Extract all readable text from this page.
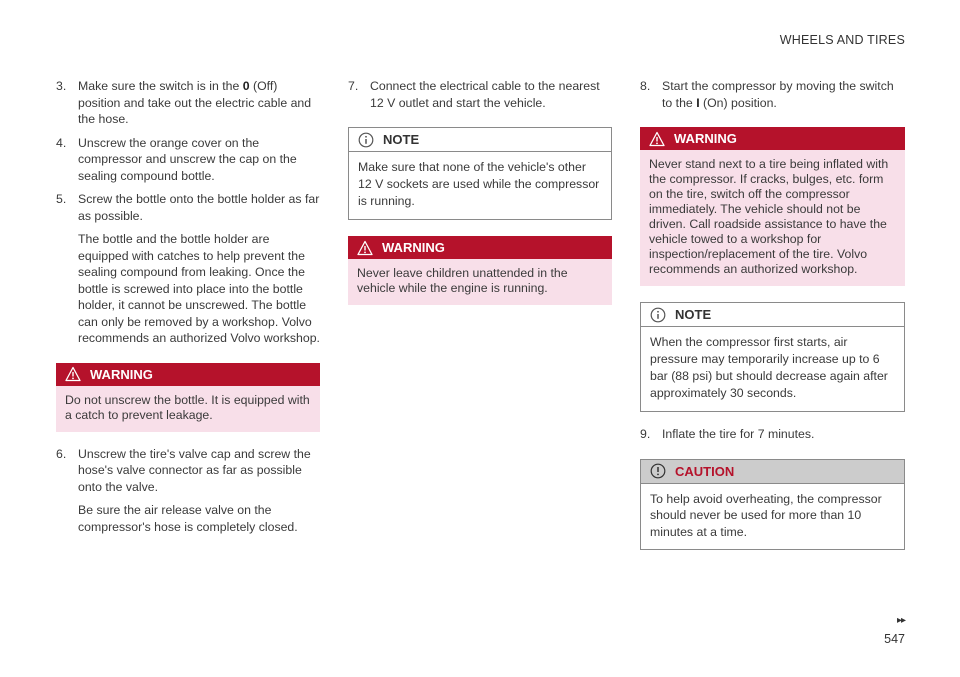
WHEELS AND TIRES
3. Make sure the switch is in the 0 (Off) position and take out the electric cable and the hose.

4. Unscrew the orange cover on the compressor and unscrew the cap on the sealing compound bottle.

5. Screw the bottle onto the bottle holder as far as possible.

The bottle and the bottle holder are equipped with catches to help prevent the sealing compound from leaking. Once the bottle is screwed into place into the bottle holder, it cannot be unscrewed. The bottle can only be removed by a workshop. Volvo recommends an authorized Volvo workshop.

WARNING
Do not unscrew the bottle. It is equipped with a catch to prevent leakage.
6. Unscrew the tire's valve cap and screw the hose's valve connector as far as possible onto the valve.

Be sure the air release valve on the compressor's hose is completely closed.

7. Connect the electrical cable to the nearest 12 V outlet and start the vehicle.

NOTE
Make sure that none of the vehicle's other 12 V sockets are used while the compressor is running.
WARNING
Never leave children unattended in the vehicle while the engine is running.
8. Start the compressor by moving the switch to the I (On) position.

WARNING
Never stand next to a tire being inflated with the compressor. If cracks, bulges, etc. form on the tire, switch off the compressor immediately. The vehicle should not be driven. Call roadside assistance to have the vehicle towed to a workshop for inspection/replacement of the tire. Volvo recommends an authorized workshop.
NOTE
When the compressor first starts, air pressure may temporarily increase up to 6 bar (88 psi) but should decrease again after approximately 30 seconds.
9. Inflate the tire for 7 minutes.

CAUTION
To help avoid overheating, the compressor should never be used for more than 10 minutes at a time.
▸▸
547
